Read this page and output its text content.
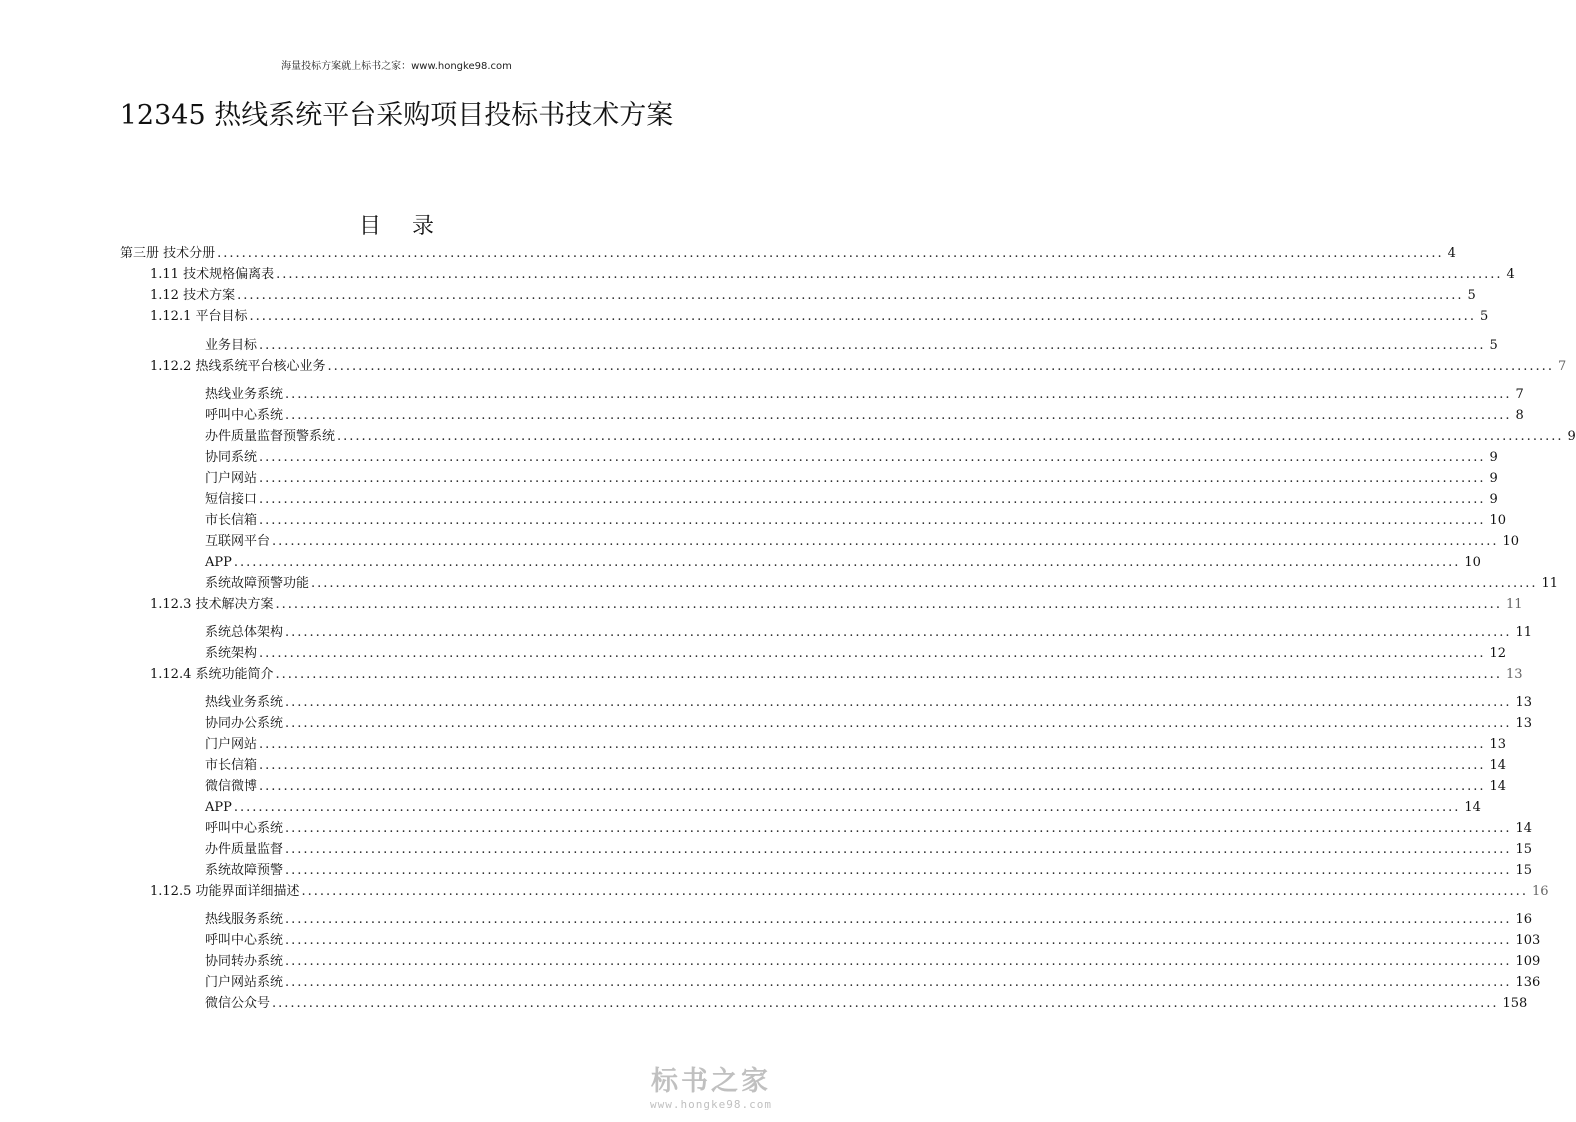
海量投标方案就上标书之家：www.hongke98.com
12345 热线系统平台采购项目投标书技术方案
目 录
第三册 技术分册 ........................................................................................................................................................................................................ 4
1.11 技术规格偏离表 ........................................................................................................................................................................................................ 4
1.12 技术方案 ........................................................................................................................................................................................................ 5
1.12.1 平台目标 ........................................................................................................................................................................................................ 5
业务目标 ........................................................................................................................................................................................................ 5
1.12.2 热线系统平台核心业务 ........................................................................................................................................................................................................ 7
热线业务系统 ........................................................................................................................................................................................................ 7
呼叫中心系统 ........................................................................................................................................................................................................ 8
办件质量监督预警系统 ........................................................................................................................................................................................................ 9
协同系统 ........................................................................................................................................................................................................ 9
门户网站 ........................................................................................................................................................................................................ 9
短信接口 ........................................................................................................................................................................................................ 9
市长信箱 ........................................................................................................................................................................................................ 10
互联网平台 ........................................................................................................................................................................................................ 10
APP ........................................................................................................................................................................................................ 10
系统故障预警功能 ........................................................................................................................................................................................................ 11
1.12.3 技术解决方案 ........................................................................................................................................................................................................ 11
系统总体架构 ........................................................................................................................................................................................................ 11
系统架构 ........................................................................................................................................................................................................ 12
1.12.4 系统功能简介 ........................................................................................................................................................................................................ 13
热线业务系统 ........................................................................................................................................................................................................ 13
协同办公系统 ........................................................................................................................................................................................................ 13
门户网站 ........................................................................................................................................................................................................ 13
市长信箱 ........................................................................................................................................................................................................ 14
微信微博 ........................................................................................................................................................................................................ 14
APP ........................................................................................................................................................................................................ 14
呼叫中心系统 ........................................................................................................................................................................................................ 14
办件质量监督 ........................................................................................................................................................................................................ 15
系统故障预警 ........................................................................................................................................................................................................ 15
1.12.5 功能界面详细描述 ........................................................................................................................................................................................................ 16
热线服务系统 ........................................................................................................................................................................................................ 16
呼叫中心系统 ........................................................................................................................................................................................................ 103
协同转办系统 ........................................................................................................................................................................................................ 109
门户网站系统 ........................................................................................................................................................................................................ 136
微信公众号 ........................................................................................................................................................................................................ 158
标书之家
www.hongke98.com
